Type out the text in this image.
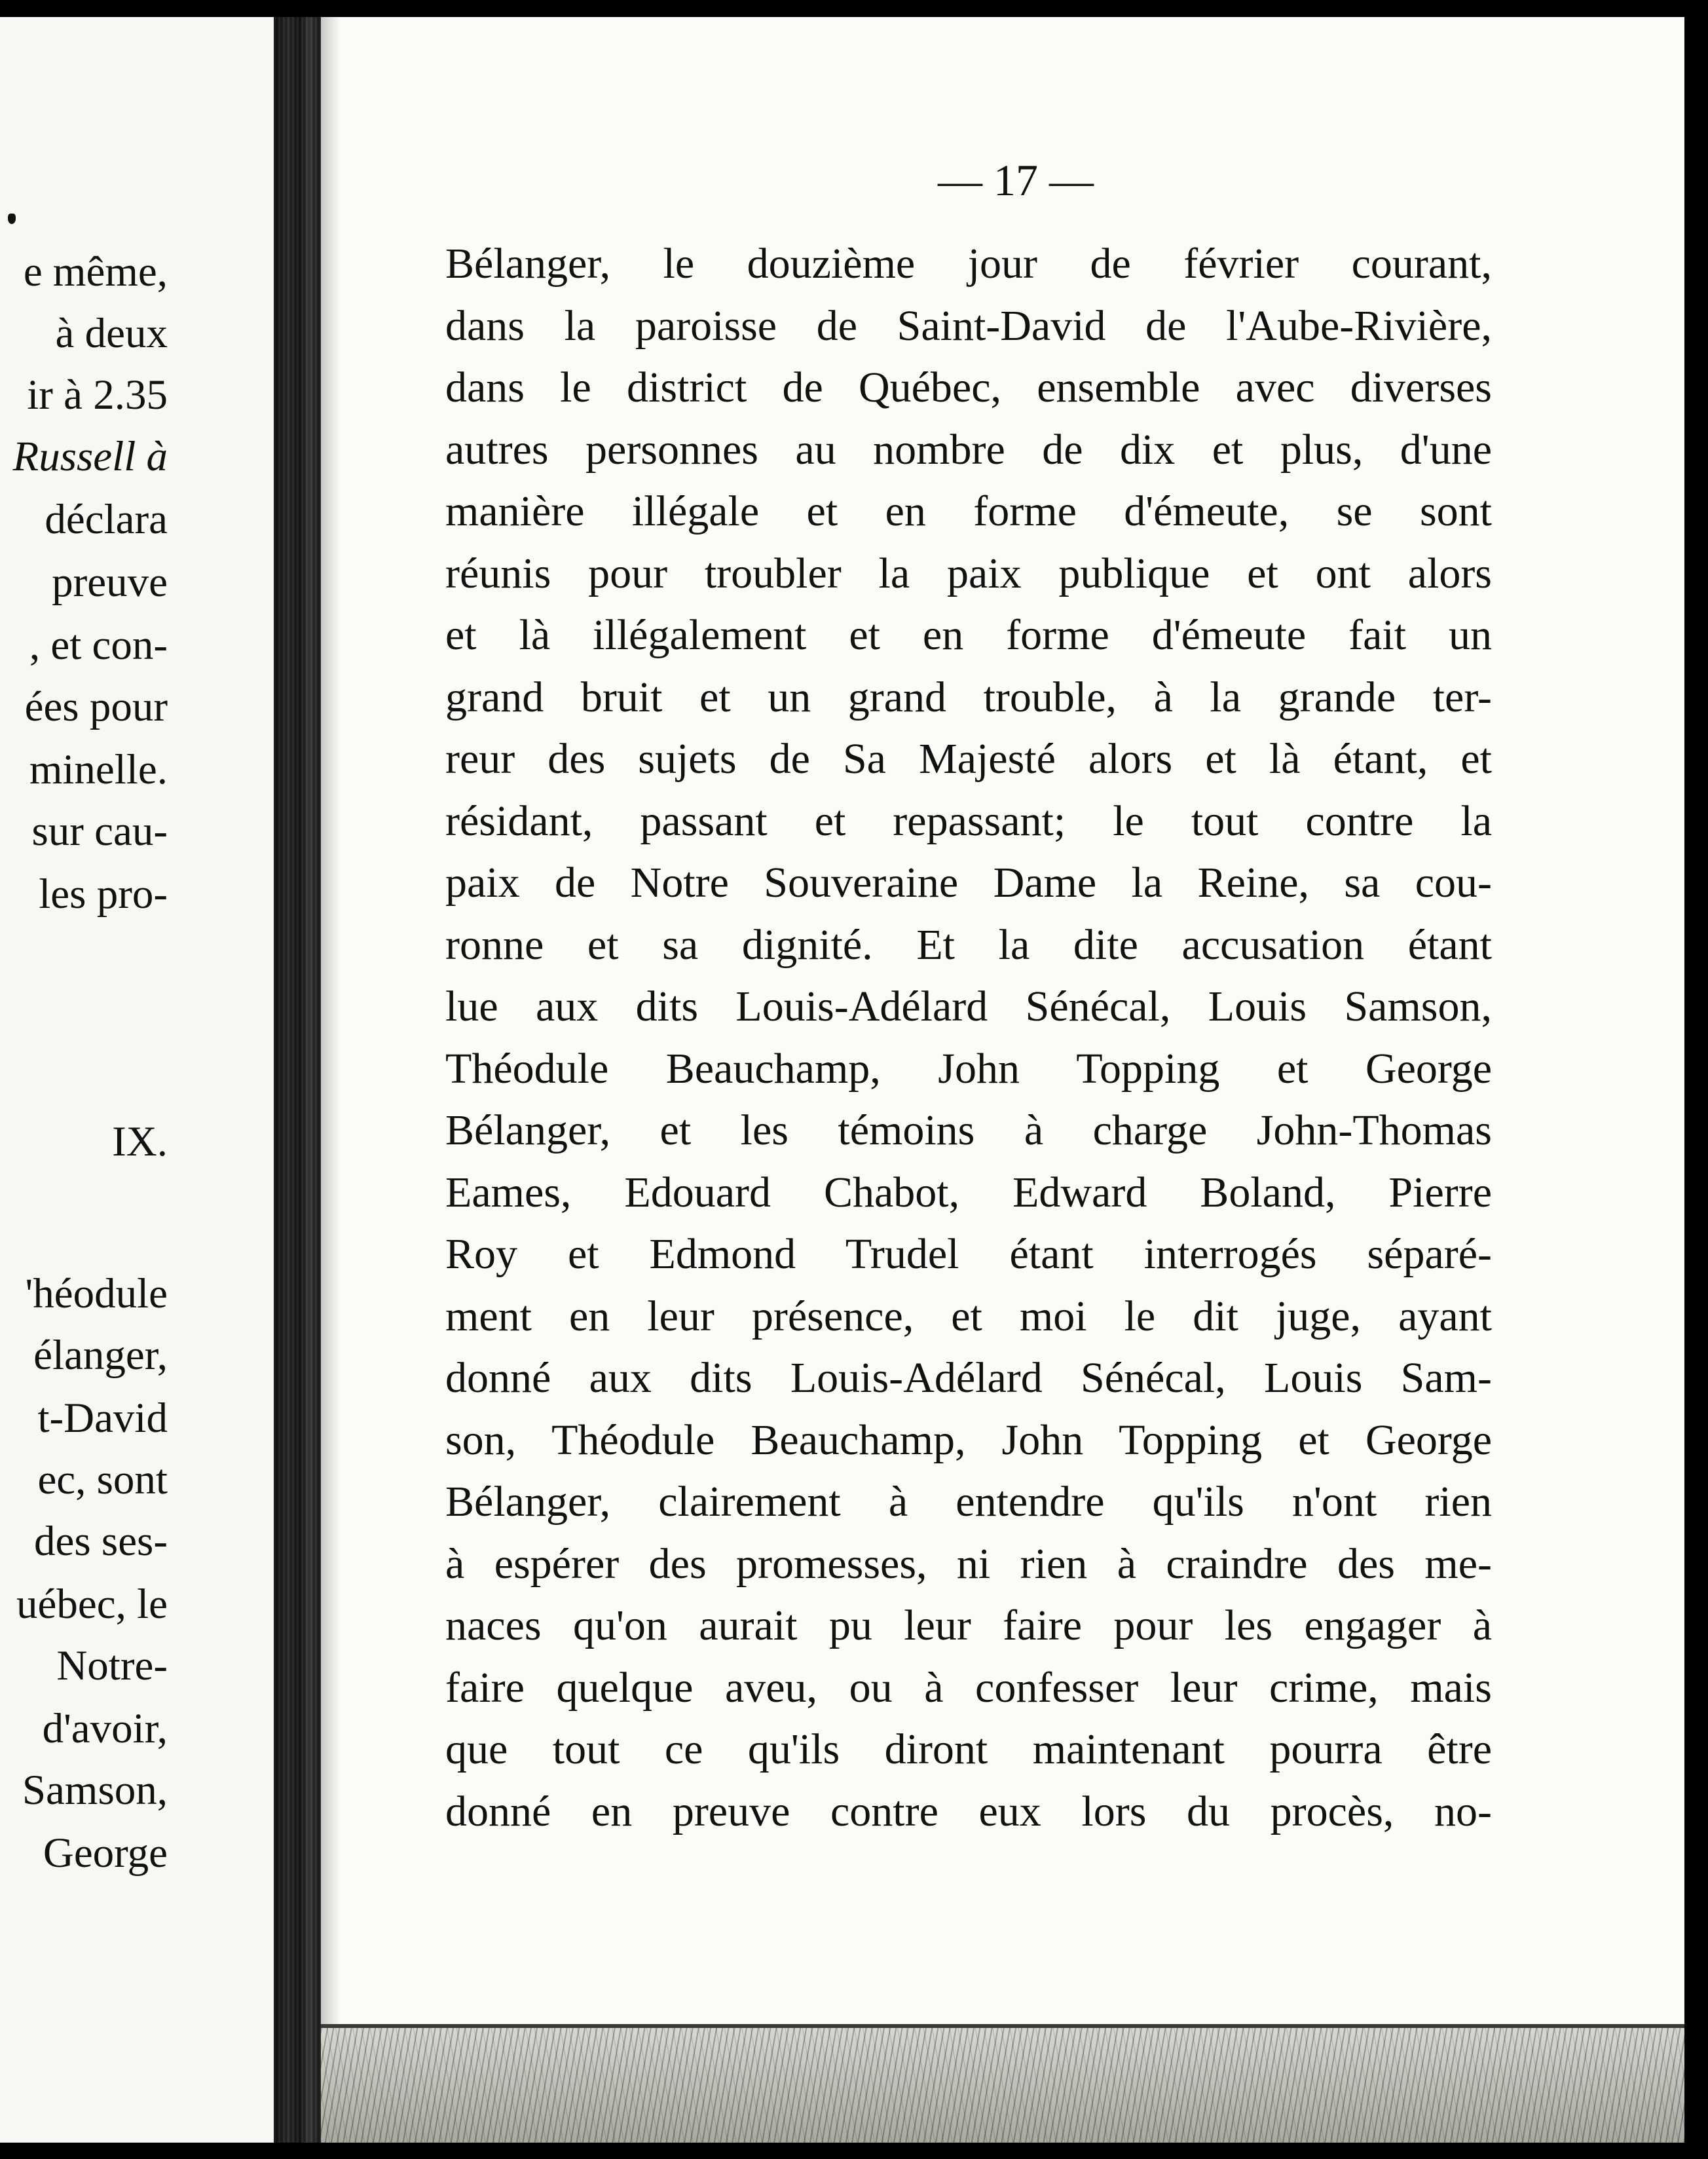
e même,
à deux
ir à 2.35
Russell à
déclara
preuve
, et con-
ées pour
minelle.
sur cau-
les pro-
IX.
'héodule
élanger,
t-David
ec, sont
des ses-
uébec, le
Notre-
d'avoir,
Samson,
George
— 17 —
Bélanger, le douzième jour de février courant,
dans la paroisse de Saint-David de l'Aube-Rivière,
dans le district de Québec, ensemble avec diverses
autres personnes au nombre de dix et plus, d'une
manière illégale et en forme d'émeute, se sont
réunis pour troubler la paix publique et ont alors
et là illégalement et en forme d'émeute fait un
grand bruit et un grand trouble, à la grande ter-
reur des sujets de Sa Majesté alors et là étant, et
résidant, passant et repassant; le tout contre la
paix de Notre Souveraine Dame la Reine, sa cou-
ronne et sa dignité. Et la dite accusation étant
lue aux dits Louis-Adélard Sénécal, Louis Samson,
Théodule Beauchamp, John Topping et George
Bélanger, et les témoins à charge John-Thomas
Eames, Edouard Chabot, Edward Boland, Pierre
Roy et Edmond Trudel étant interrogés séparé-
ment en leur présence, et moi le dit juge, ayant
donné aux dits Louis-Adélard Sénécal, Louis Sam-
son, Théodule Beauchamp, John Topping et George
Bélanger, clairement à entendre qu'ils n'ont rien
à espérer des promesses, ni rien à craindre des me-
naces qu'on aurait pu leur faire pour les engager à
faire quelque aveu, ou à confesser leur crime, mais
que tout ce qu'ils diront maintenant pourra être
donné en preuve contre eux lors du procès, no-
